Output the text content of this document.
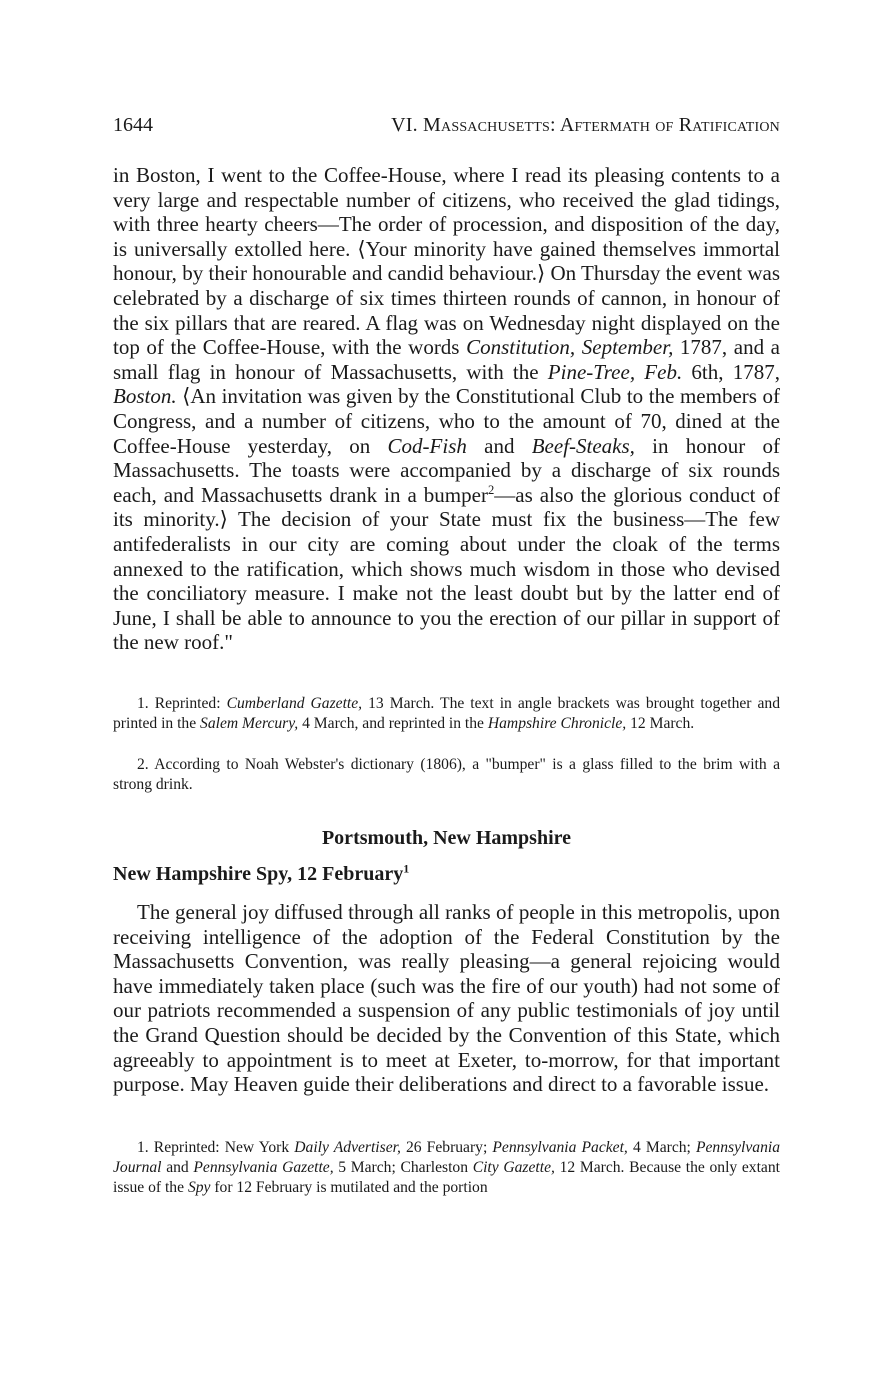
1644	VI. Massachusetts: Aftermath of Ratification
in Boston, I went to the Coffee-House, where I read its pleasing contents to a very large and respectable number of citizens, who received the glad tidings, with three hearty cheers—The order of procession, and disposition of the day, is universally extolled here. ⟨Your minority have gained themselves immortal honour, by their honourable and candid behaviour.⟩ On Thursday the event was celebrated by a discharge of six times thirteen rounds of cannon, in honour of the six pillars that are reared. A flag was on Wednesday night displayed on the top of the Coffee-House, with the words Constitution, September, 1787, and a small flag in honour of Massachusetts, with the Pine-Tree, Feb. 6th, 1787, Boston. ⟨An invitation was given by the Constitutional Club to the members of Congress, and a number of citizens, who to the amount of 70, dined at the Coffee-House yesterday, on Cod-Fish and Beef-Steaks, in honour of Massachusetts. The toasts were accompanied by a discharge of six rounds each, and Massachusetts drank in a bumper$^2$—as also the glorious conduct of its minority.⟩ The decision of your State must fix the business—The few antifederalists in our city are coming about under the cloak of the terms annexed to the ratification, which shows much wisdom in those who devised the conciliatory measure. I make not the least doubt but by the latter end of June, I shall be able to announce to you the erection of our pillar in support of the new roof."
1. Reprinted: Cumberland Gazette, 13 March. The text in angle brackets was brought together and printed in the Salem Mercury, 4 March, and reprinted in the Hampshire Chronicle, 12 March.
2. According to Noah Webster's dictionary (1806), a "bumper" is a glass filled to the brim with a strong drink.
Portsmouth, New Hampshire
New Hampshire Spy, 12 February$^1$
The general joy diffused through all ranks of people in this metropolis, upon receiving intelligence of the adoption of the Federal Constitution by the Massachusetts Convention, was really pleasing—a general rejoicing would have immediately taken place (such was the fire of our youth) had not some of our patriots recommended a suspension of any public testimonials of joy until the Grand Question should be decided by the Convention of this State, which agreeably to appointment is to meet at Exeter, to-morrow, for that important purpose. May Heaven guide their deliberations and direct to a favorable issue.
1. Reprinted: New York Daily Advertiser, 26 February; Pennsylvania Packet, 4 March; Pennsylvania Journal and Pennsylvania Gazette, 5 March; Charleston City Gazette, 12 March. Because the only extant issue of the Spy for 12 February is mutilated and the portion
